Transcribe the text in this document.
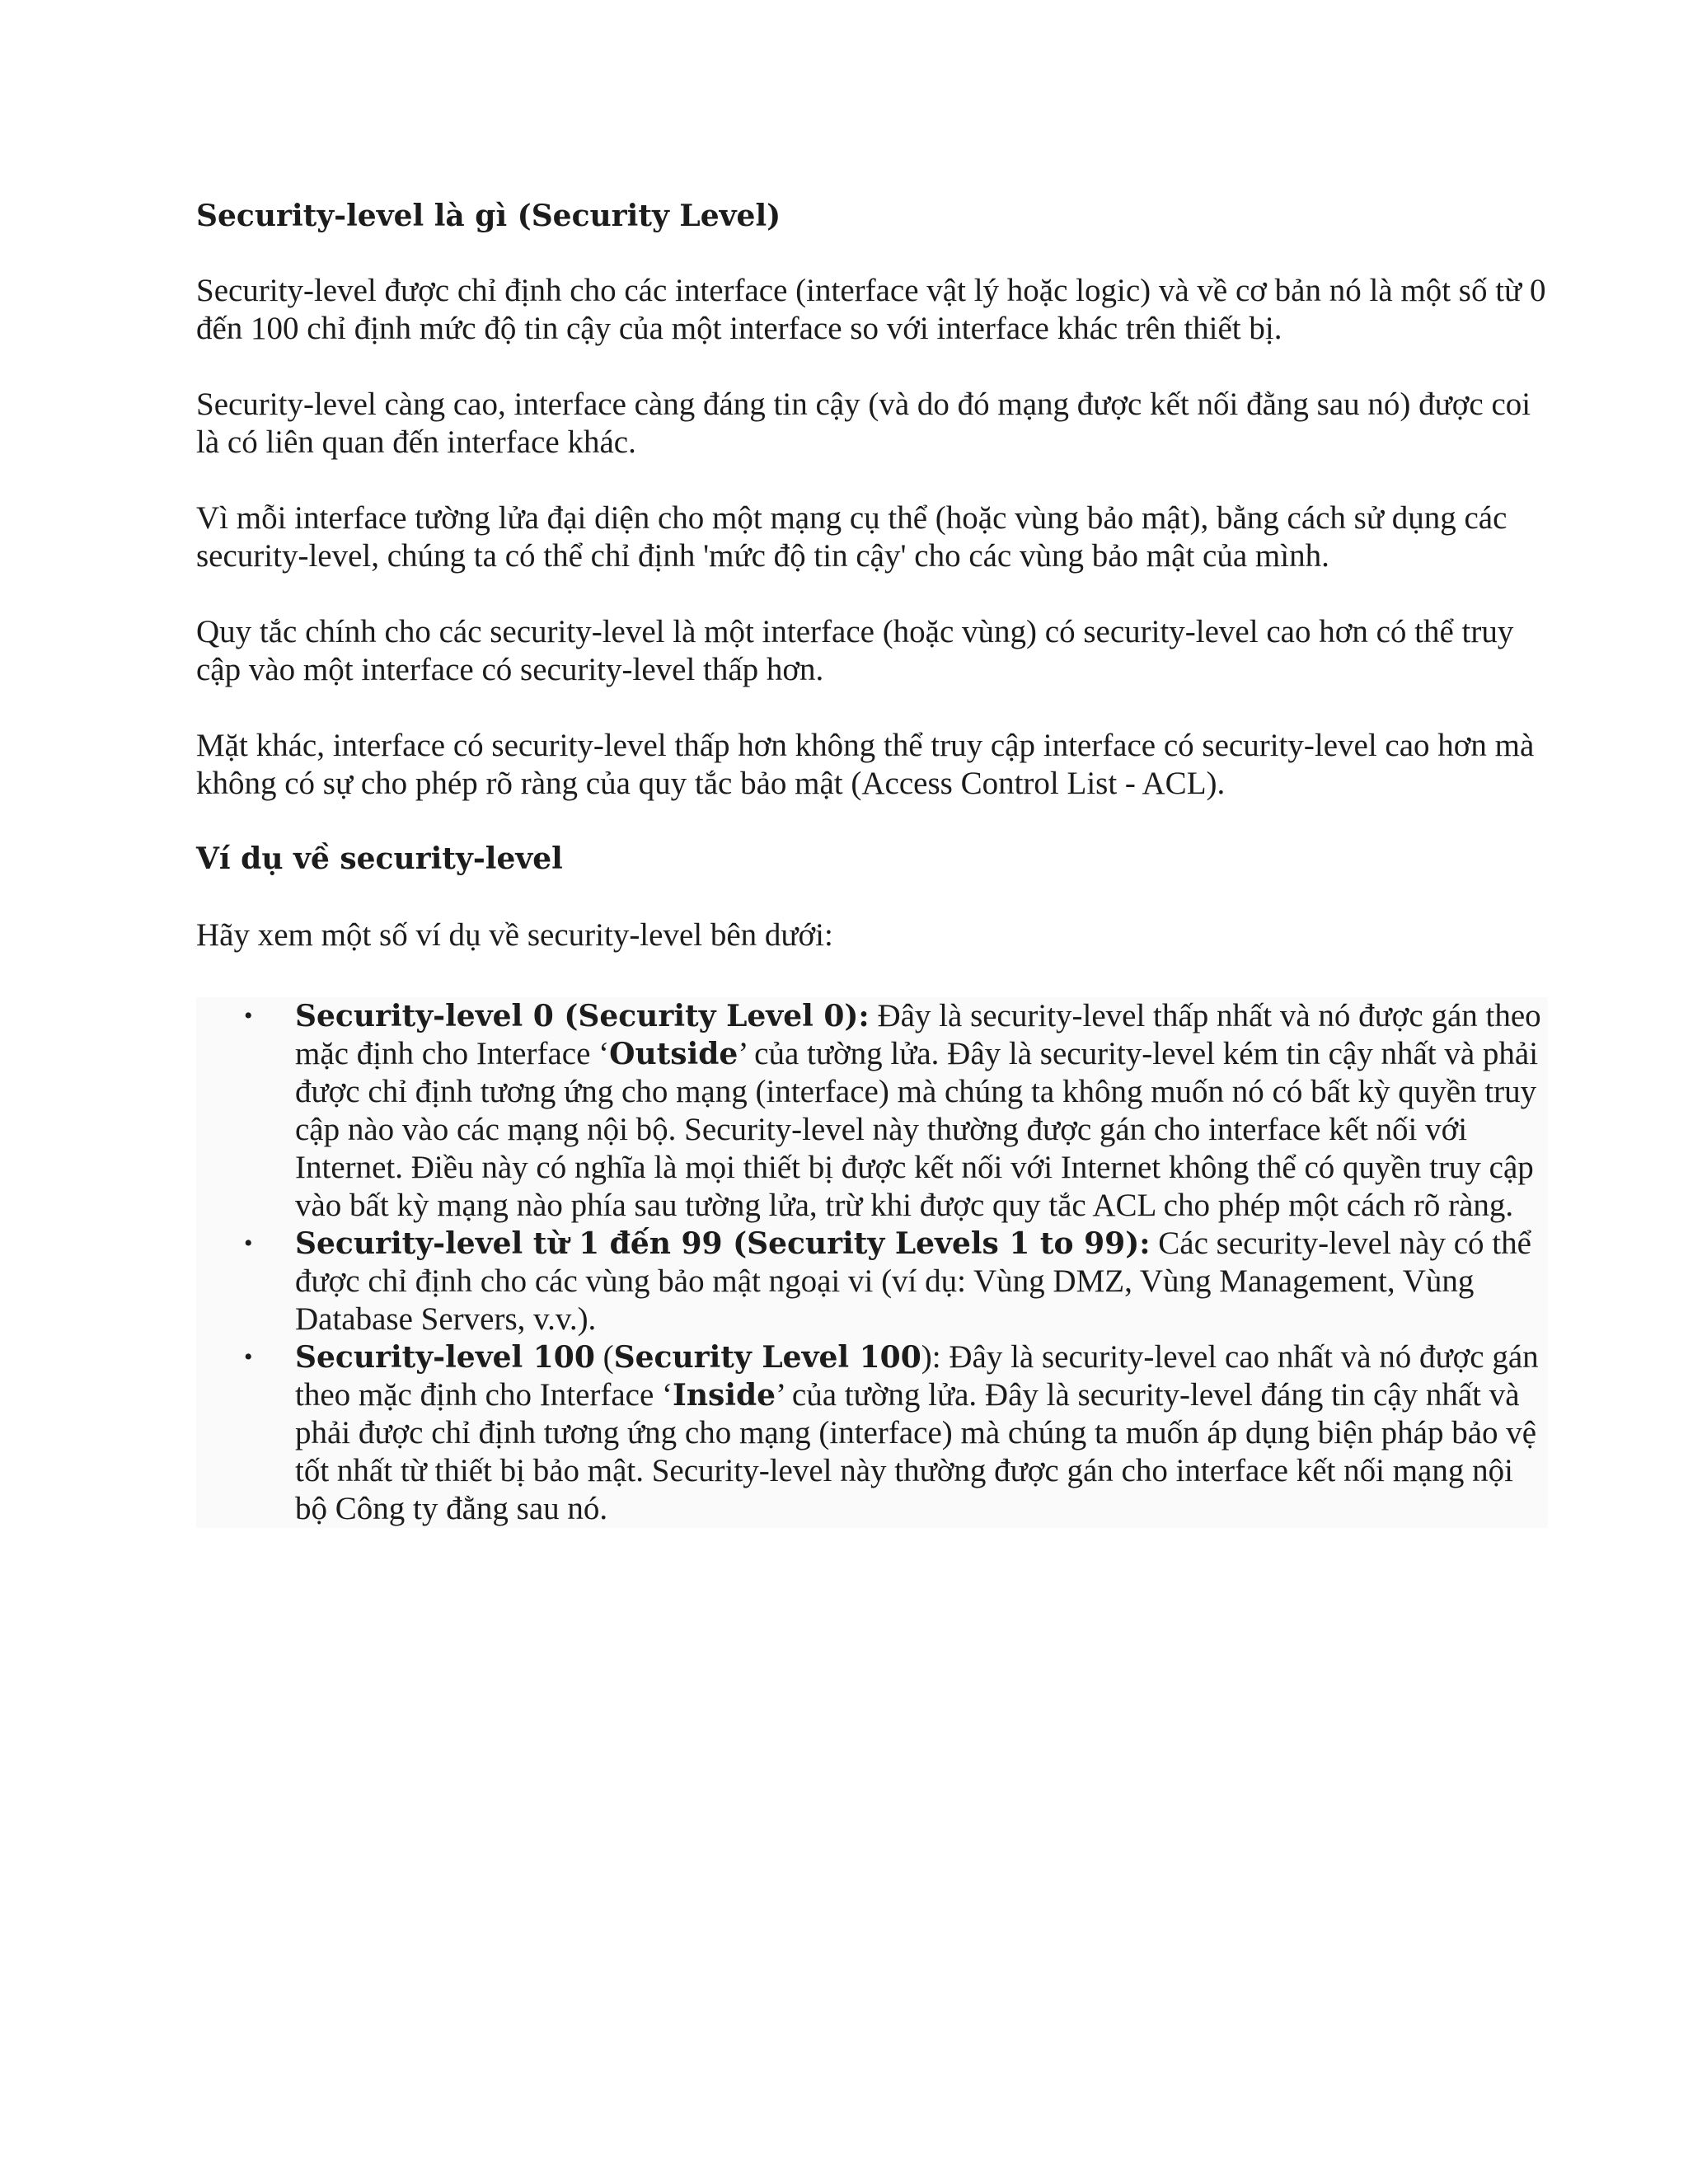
Security-level là gì (Security Level)

Security-level được chỉ định cho các interface (interface vật lý hoặc logic) và về cơ bản nó là một số từ 0 đến 100 chỉ định mức độ tin cậy của một interface so với interface khác trên thiết bị.

Security-level càng cao, interface càng đáng tin cậy (và do đó mạng được kết nối đằng sau nó) được coi là có liên quan đến interface khác.

Vì mỗi interface tường lửa đại diện cho một mạng cụ thể (hoặc vùng bảo mật), bằng cách sử dụng các security-level, chúng ta có thể chỉ định 'mức độ tin cậy' cho các vùng bảo mật của mình.

Quy tắc chính cho các security-level là một interface (hoặc vùng) có security-level cao hơn có thể truy cập vào một interface có security-level thấp hơn.

Mặt khác, interface có security-level thấp hơn không thể truy cập interface có security-level cao hơn mà không có sự cho phép rõ ràng của quy tắc bảo mật (Access Control List - ACL).

Ví dụ về security-level

Hãy xem một số ví dụ về security-level bên dưới:

• Security-level 0 (Security Level 0): Đây là security-level thấp nhất và nó được gán theo mặc định cho Interface ‘Outside’ của tường lửa. Đây là security-level kém tin cậy nhất và phải được chỉ định tương ứng cho mạng (interface) mà chúng ta không muốn nó có bất kỳ quyền truy cập nào vào các mạng nội bộ. Security-level này thường được gán cho interface kết nối với Internet. Điều này có nghĩa là mọi thiết bị được kết nối với Internet không thể có quyền truy cập vào bất kỳ mạng nào phía sau tường lửa, trừ khi được quy tắc ACL cho phép một cách rõ ràng.
• Security-level từ 1 đến 99 (Security Levels 1 to 99): Các security-level này có thể được chỉ định cho các vùng bảo mật ngoại vi (ví dụ: Vùng DMZ, Vùng Management, Vùng Database Servers, v.v.).
• Security-level 100 (Security Level 100): Đây là security-level cao nhất và nó được gán theo mặc định cho Interface ‘Inside’ của tường lửa. Đây là security-level đáng tin cậy nhất và phải được chỉ định tương ứng cho mạng (interface) mà chúng ta muốn áp dụng biện pháp bảo vệ tốt nhất từ thiết bị bảo mật. Security-level này thường được gán cho interface kết nối mạng nội bộ Công ty đằng sau nó.
